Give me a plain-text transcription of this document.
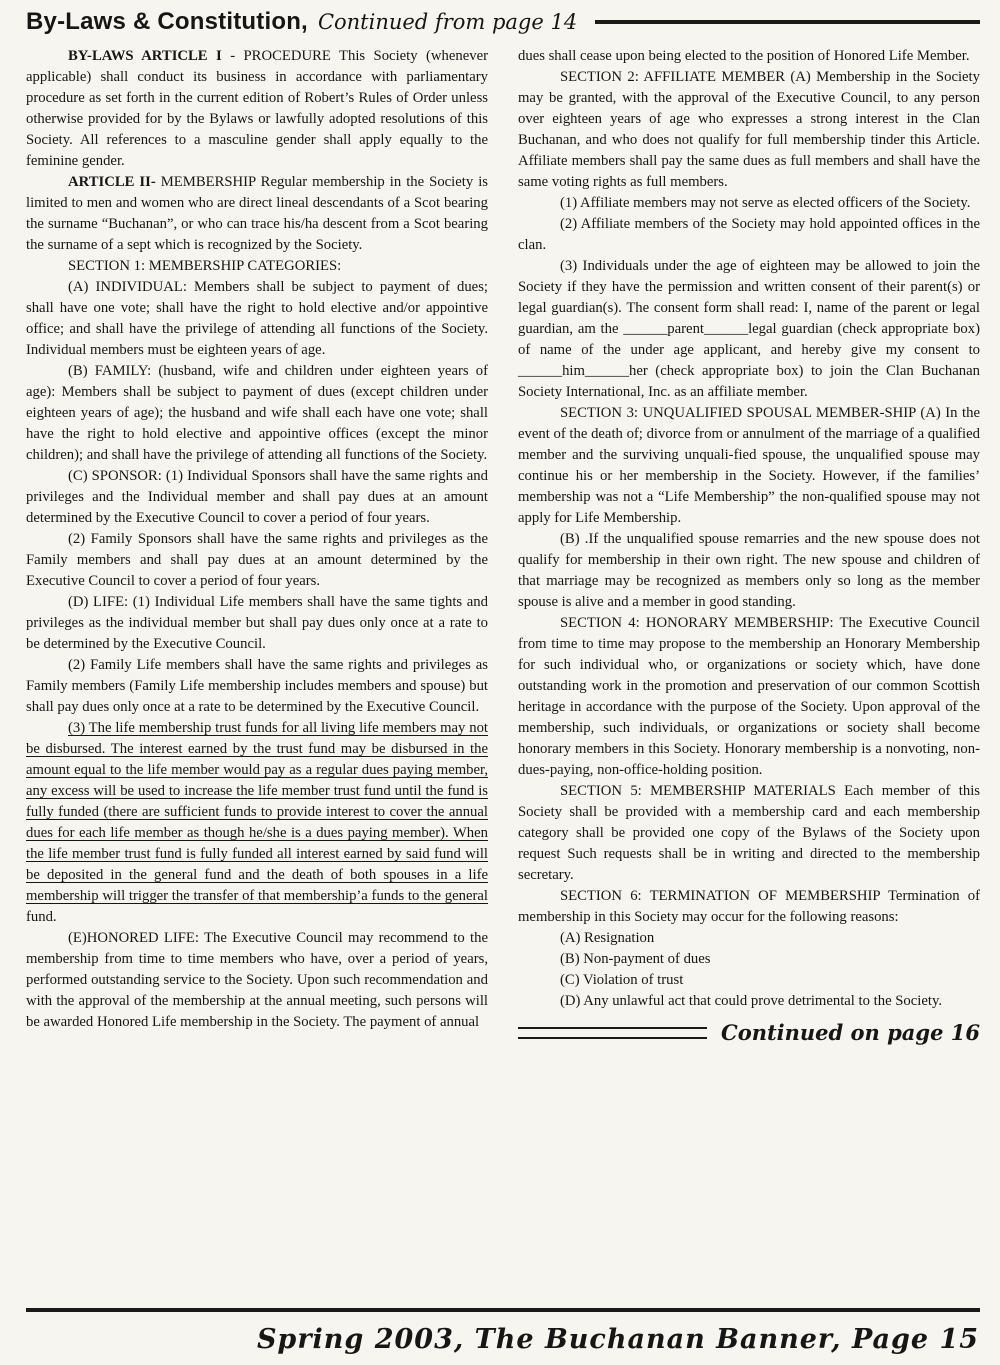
By-Laws & Constitution, Continued from page 14

BY-LAWS ARTICLE I - PROCEDURE This Society (whenever applicable) shall conduct its business in accordance with parliamentary procedure as set forth in the current edition of Robert’s Rules of Order unless otherwise provided for by the Bylaws or lawfully adopted resolutions of this Society. All references to a masculine gender shall apply equally to the feminine gender.

ARTICLE II- MEMBERSHIP Regular membership in the Society is limited to men and women who are direct lineal descendants of a Scot bearing the surname “Buchanan”, or who can trace his/ha descent from a Scot bearing the surname of a sept which is recognized by the Society.

SECTION 1: MEMBERSHIP CATEGORIES:

(A) INDIVIDUAL: Members shall be subject to payment of dues; shall have one vote; shall have the right to hold elective and/or appointive office; and shall have the privilege of attending all functions of the Society. Individual members must be eighteen years of age.

(B) FAMILY: (husband, wife and children under eighteen years of age): Members shall be subject to payment of dues (except children under eighteen years of age); the husband and wife shall each have one vote; shall have the right to hold elective and appointive offices (except the minor children); and shall have the privilege of attending all functions of the Society.

(C) SPONSOR: (1) Individual Sponsors shall have the same rights and privileges and the Individual member and shall pay dues at an amount determined by the Executive Council to cover a period of four years.

(2) Family Sponsors shall have the same rights and privileges as the Family members and shall pay dues at an amount determined by the Executive Council to cover a period of four years.

(D) LIFE: (1) Individual Life members shall have the same tights and privileges as the individual member but shall pay dues only once at a rate to be determined by the Executive Council.

(2) Family Life members shall have the same rights and privileges as Family members (Family Life membership includes members and spouse) but shall pay dues only once at a rate to be determined by the Executive Council.

(3) The life membership trust funds for all living life members may not be disbursed. The interest earned by the trust fund may be disbursed in the amount equal to the life member would pay as a regular dues paying member, any excess will be used to increase the life member trust fund until the fund is fully funded (there are sufficient funds to provide interest to cover the annual dues for each life member as though he/she is a dues paying member). When the life member trust fund is fully funded all interest earned by said fund will be deposited in the general fund and the death of both spouses in a life membership will trigger the transfer of that membership’a funds to the general fund.

(E)HONORED LIFE: The Executive Council may recommend to the membership from time to time members who have, over a period of years, performed outstanding service to the Society. Upon such recommendation and with the approval of the membership at the annual meeting, such persons will be awarded Honored Life membership in the Society. The payment of annual

dues shall cease upon being elected to the position of Honored Life Member.

SECTION 2: AFFILIATE MEMBER (A) Membership in the Society may be granted, with the approval of the Executive Council, to any person over eighteen years of age who expresses a strong interest in the Clan Buchanan, and who does not qualify for full membership tinder this Article. Affiliate members shall pay the same dues as full members and shall have the same voting rights as full members.

(1) Affiliate members may not serve as elected officers of the Society.

(2) Affiliate members of the Society may hold appointed offices in the clan.

(3) Individuals under the age of eighteen may be allowed to join the Society if they have the permission and written consent of their parent(s) or legal guardian(s). The consent form shall read: I, name of the parent or legal guardian, am the ______parent______legal guardian (check appropriate box) of name of the under age applicant, and hereby give my consent to ______him______her (check appropriate box) to join the Clan Buchanan Society International, Inc. as an affiliate member.

SECTION 3: UNQUALIFIED SPOUSAL MEMBER-SHIP (A) In the event of the death of; divorce from or annulment of the marriage of a qualified member and the surviving unquali-fied spouse, the unqualified spouse may continue his or her membership in the Society. However, if the families’ membership was not a “Life Membership” the non-qualified spouse may not apply for Life Membership.

(B) .If the unqualified spouse remarries and the new spouse does not qualify for membership in their own right. The new spouse and children of that marriage may be recognized as members only so long as the member spouse is alive and a member in good standing.

SECTION 4: HONORARY MEMBERSHIP: The Executive Council from time to time may propose to the membership an Honorary Membership for such individual who, or organizations or society which, have done outstanding work in the promotion and preservation of our common Scottish heritage in accordance with the purpose of the Society. Upon approval of the membership, such individuals, or organizations or society shall become honorary members in this Society. Honorary membership is a nonvoting, non-dues-paying, non-office-holding position.

SECTION 5: MEMBERSHIP MATERIALS Each member of this Society shall be provided with a membership card and each membership category shall be provided one copy of the Bylaws of the Society upon request Such requests shall be in writing and directed to the membership secretary.

SECTION 6: TERMINATION OF MEMBERSHIP Termination of membership in this Society may occur for the following reasons:

(A) Resignation

(B) Non-payment of dues

(C) Violation of trust

(D) Any unlawful act that could prove detrimental to the Society.

Continued on page 16
Spring 2003, The Buchanan Banner, Page 15
